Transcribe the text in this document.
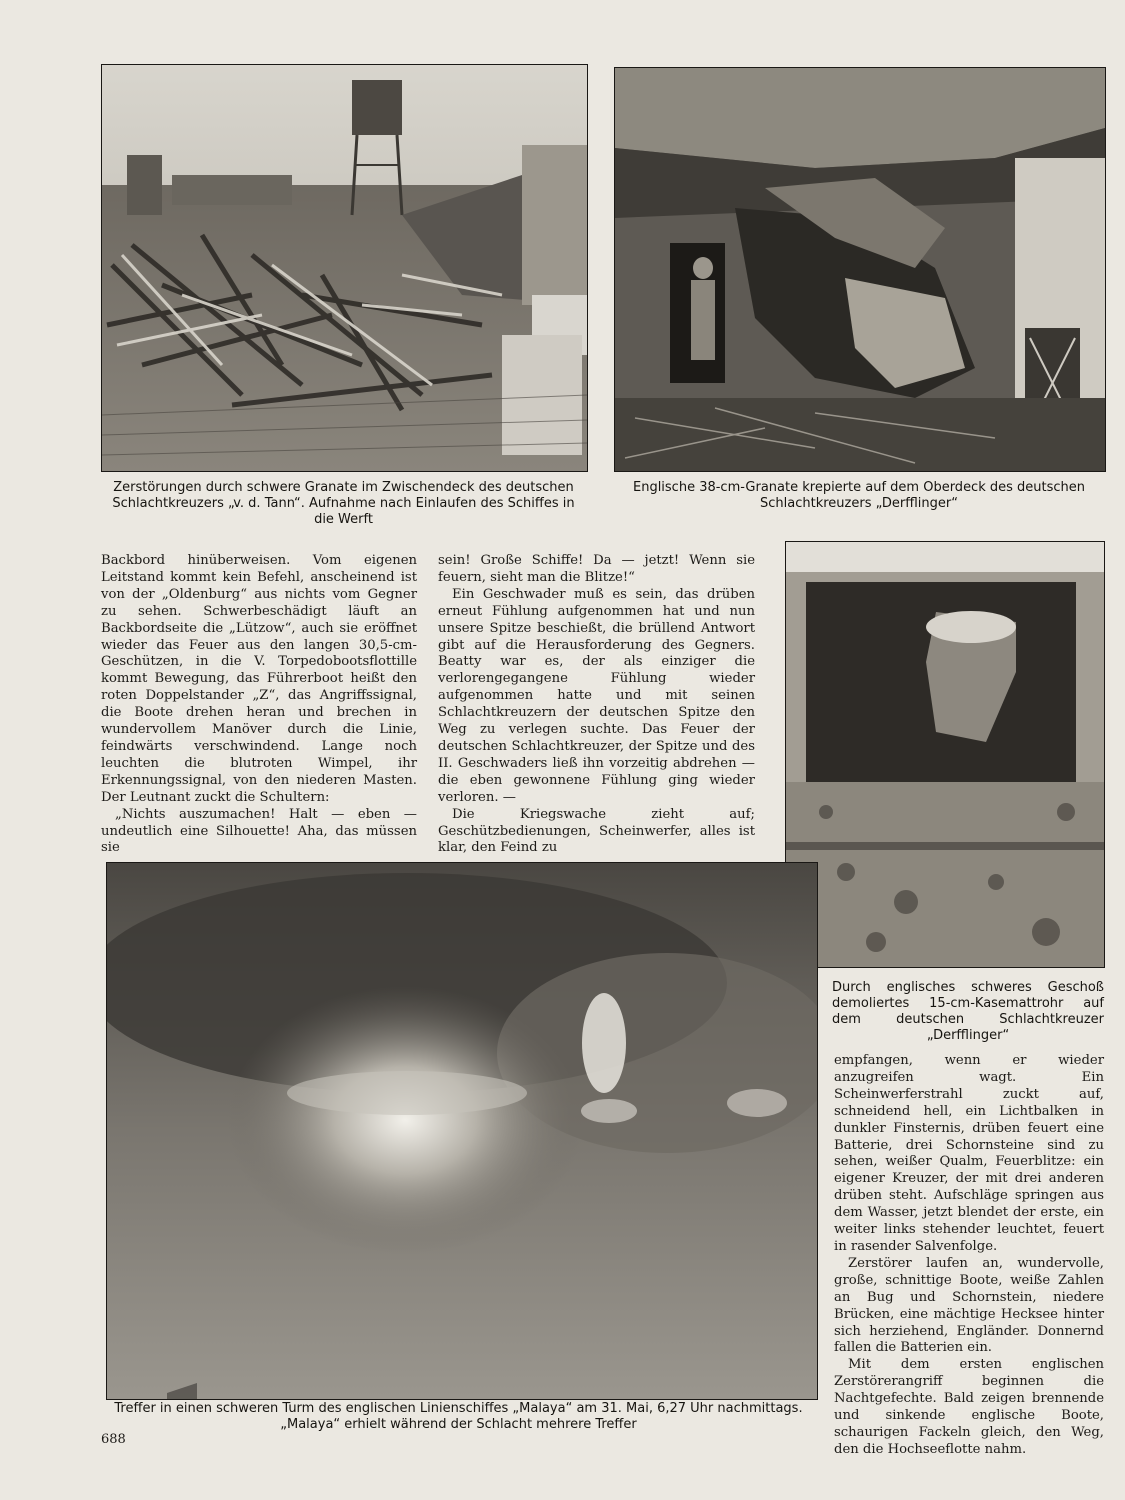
Zerstörungen durch schwere Granate im Zwischendeck des deutschen Schlachtkreuzers „v. d. Tann“. Aufnahme nach Einlaufen des Schiffes in die Werft
Englische 38-cm-Granate krepierte auf dem Oberdeck des deutschen Schlachtkreuzers „Derfflinger“

Backbord hinüberweisen. Vom eigenen Leitstand kommt kein Befehl, anscheinend ist von der „Oldenburg“ aus nichts vom Gegner zu sehen. Schwerbeschädigt läuft an Backbordseite die „Lützow“, auch sie eröffnet wieder das Feuer aus den langen 30,5-cm-Geschützen, in die V. Torpedobootsflottille kommt Bewegung, das Führerboot heißt den roten Doppelstander „Z“, das Angriffssignal, die Boote drehen heran und brechen in wundervollem Manöver durch die Linie, feindwärts verschwindend. Lange noch leuchten die blutroten Wimpel, ihr Erkennungssignal, von den niederen Masten. Der Leutnant zuckt die Schultern:

„Nichts auszumachen! Halt — eben — undeutlich eine Silhouette! Aha, das müssen sie

sein! Große Schiffe! Da — jetzt! Wenn sie feuern, sieht man die Blitze!“

Ein Geschwader muß es sein, das drüben erneut Fühlung aufgenommen hat und nun unsere Spitze beschießt, die brüllend Antwort gibt auf die Herausforderung des Gegners. Beatty war es, der als einziger die verlorengegangene Fühlung wieder aufgenommen hatte und mit seinen Schlachtkreuzern der deutschen Spitze den Weg zu verlegen suchte. Das Feuer der deutschen Schlachtkreuzer, der Spitze und des II. Geschwaders ließ ihn vorzeitig abdrehen — die eben gewonnene Fühlung ging wieder verloren. —

Die Kriegswache zieht auf; Geschützbedienungen, Scheinwerfer, alles ist klar, den Feind zu

Durch englisches schweres Geschoß demoliertes 15-cm-Kasemattrohr auf dem deutschen Schlachtkreuzer „Derfflinger“

empfangen, wenn er wieder anzugreifen wagt. Ein Scheinwerferstrahl zuckt auf, schneidend hell, ein Lichtbalken in dunkler Finsternis, drüben feuert eine Batterie, drei Schornsteine sind zu sehen, weißer Qualm, Feuerblitze: ein eigener Kreuzer, der mit drei anderen drüben steht. Aufschläge springen aus dem Wasser, jetzt blendet der erste, ein weiter links stehender leuchtet, feuert in rasender Salvenfolge.

Zerstörer laufen an, wundervolle, große, schnittige Boote, weiße Zahlen an Bug und Schornstein, niedere Brücken, eine mächtige Hecksee hinter sich herziehend, Engländer. Donnernd fallen die Batterien ein.

Mit dem ersten englischen Zerstörerangriff beginnen die Nachtgefechte. Bald zeigen brennende und sinkende englische Boote, schaurigen Fackeln gleich, den Weg, den die Hochseeflotte nahm.

Treffer in einen schweren Turm des englischen Linienschiffes „Malaya“ am 31. Mai, 6,27 Uhr nachmittags. „Malaya“ erhielt während der Schlacht mehrere Treffer
688
